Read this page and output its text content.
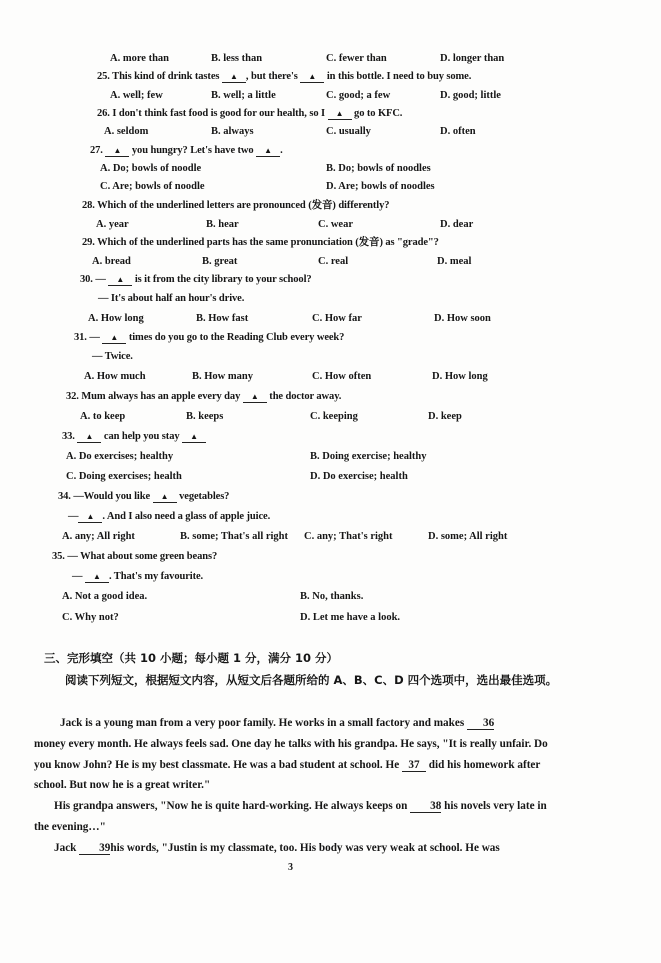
A. more than	B. less than	C. fewer than	D. longer than
25. This kind of drink tastes ▲ , but there's ▲ in this bottle. I need to buy some.
A. well; few	B. well; a little	C. good; a few	D. good; little
26. I don't think fast food is good for our health, so I ▲ go to KFC.
A. seldom	B. always	C. usually	D. often
27. ▲ you hungry? Let's have two ▲ .
A. Do; bowls of noodle	B. Do; bowls of noodles
C. Are; bowls of noodle	D. Are; bowls of noodles
28. Which of the underlined letters are pronounced (发音) differently?
A. year	B. hear	C. wear	D. dear
29. Which of the underlined parts has the same pronunciation (发音) as "grade"?
A. bread	B. great	C. real	D. meal
30. — ▲ is it from the city library to your school?
— It's about half an hour's drive.
A. How long	B. How fast	C. How far	D. How soon
31. — ▲ times do you go to the Reading Club every week?
— Twice.
A. How much	B. How many	C. How often	D. How long
32. Mum always has an apple every day ▲ the doctor away.
A. to keep	B. keeps	C. keeping	D. keep
33. ▲ can help you stay ▲
A. Do exercises; healthy	B. Doing exercise; healthy
C. Doing exercises; health	D. Do exercise; health
34. —Would you like ▲ vegetables?
— ▲ . And I also need a glass of apple juice.
A. any; All right	B. some; That's all right C. any; That's right	D. some; All right
35. — What about some green beans?
— ▲ . That's my favourite.
A. Not a good idea.	B. No, thanks.
C. Why not?	D. Let me have a look.
三、完形填空（共 10 小题；每小题 1 分，满分 10 分）
阅读下列短文，根据短文内容，从短文后各题所给的 A、B、C、D 四个选项中，选出最佳选项。
Jack is a young man from a very poor family. He works in a small factory and makes 36
money every month. He always feels sad. One day he talks with his grandpa. He says, "It is really unfair. Do you know John? He is my best classmate. He was a bad student at school. He 37 did his homework after school. But now he is a great writer."
His grandpa answers, "Now he is quite hard-working. He always keeps on 38 his novels very late in the evening…"
Jack 39his words, "Justin is my classmate, too. His body was very weak at school. He was
3
